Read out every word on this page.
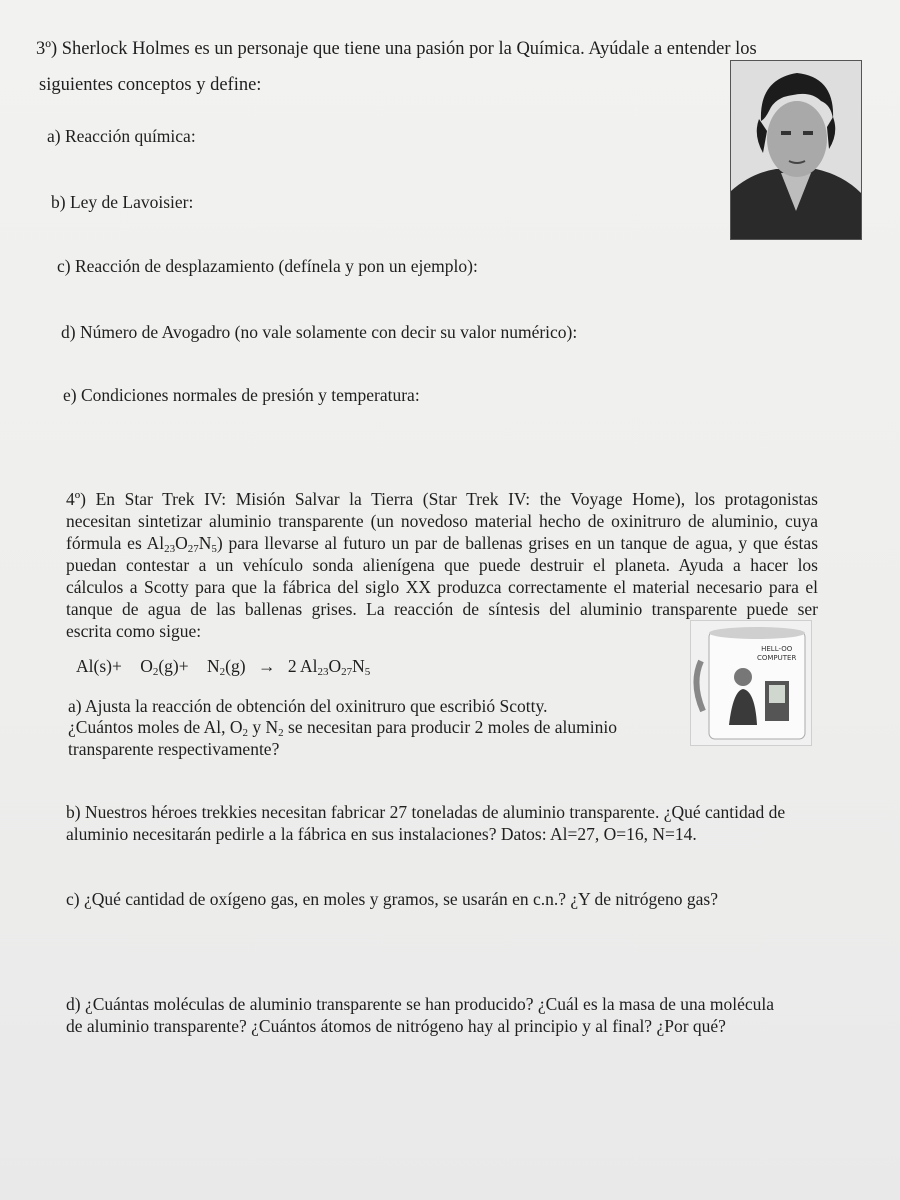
3º) Sherlock Holmes es un personaje que tiene una pasión por la Química. Ayúdale a entender los
siguientes conceptos y define:
a) Reacción química:
b) Ley de Lavoisier:
c) Reacción de desplazamiento (defínela y pon un ejemplo):
d) Número de Avogadro (no vale solamente con decir su valor numérico):
e) Condiciones normales de presión y temperatura:
4º) En Star Trek IV: Misión Salvar la Tierra (Star Trek IV: the Voyage Home), los protagonistas
necesitan sintetizar aluminio transparente (un novedoso material hecho de oxinitruro de aluminio, cuya
fórmula es $Al_{23}O_{27}N_5$) para llevarse al futuro un par de ballenas grises en un tanque de agua, y que éstas
puedan contestar a un vehículo sonda alienígena que puede destruir el planeta. Ayuda a hacer los
cálculos a Scotty para que la fábrica del siglo XX produzca correctamente el material necesario para el
tanque de agua de las ballenas grises. La reacción de síntesis del aluminio transparente puede ser
escrita como sigue:
$Al(s)+ O_2(g)+ N_2(g) \to 2$ $Al_{23}O_{27}N_5$
HELL-OO
COMPUTER
a) Ajusta la reacción de obtención del oxinitruro que escribió Scotty.
¿Cuántos moles de Al, $O_2$ y $N_2$ se necesitan para producir 2 moles de aluminio
transparente respectivamente?
b) Nuestros héroes trekkies necesitan fabricar 27 toneladas de aluminio transparente. ¿Qué cantidad de
aluminio necesitarán pedirle a la fábrica en sus instalaciones? Datos: Al=27, O=16, N=14.
c) ¿Qué cantidad de oxígeno gas, en moles y gramos, se usarán en c.n.? ¿Y de nitrógeno gas?
d) ¿Cuántas moléculas de aluminio transparente se han producido? ¿Cuál es la masa de una molécula
de aluminio transparente? ¿Cuántos átomos de nitrógeno hay al principio y al final? ¿Por qué?
